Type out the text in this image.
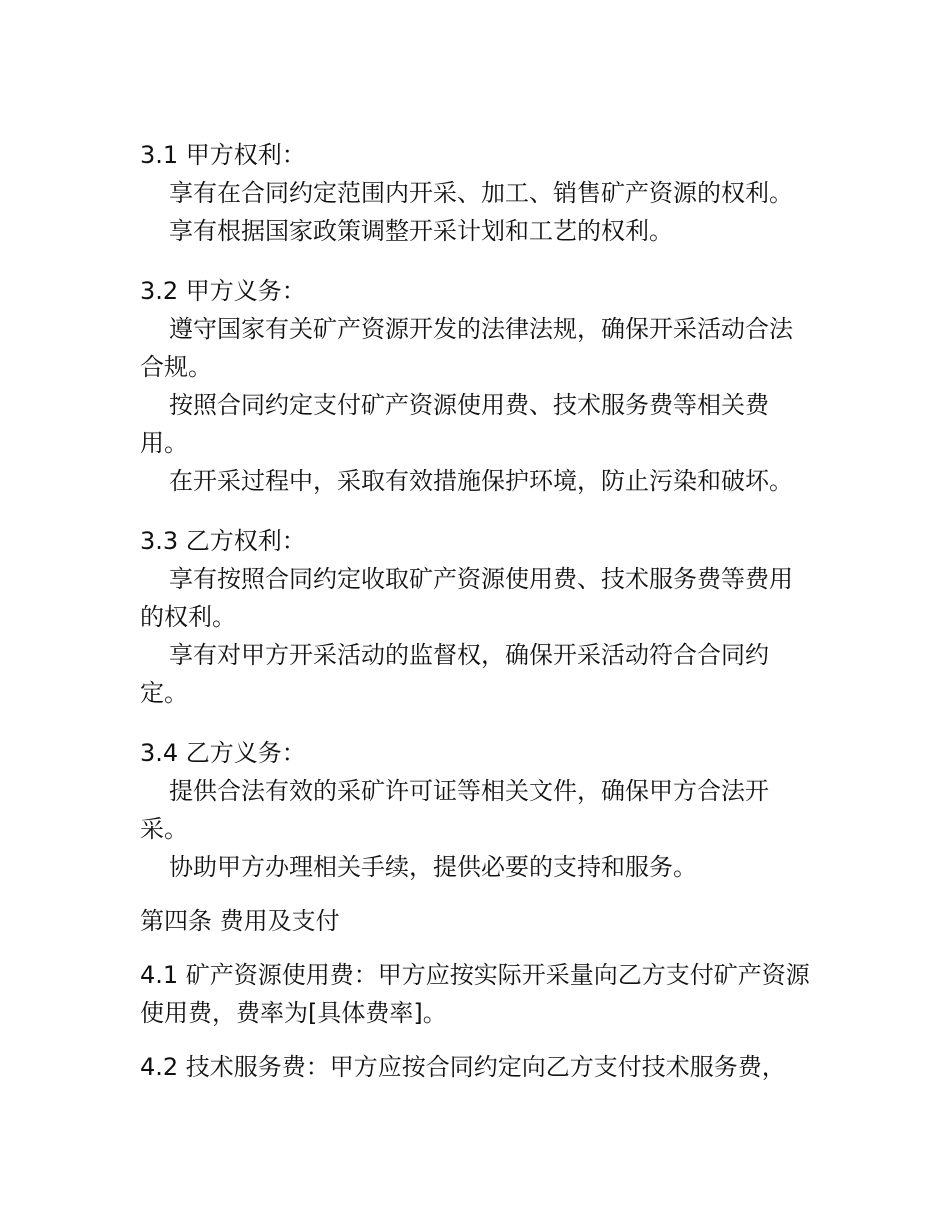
3.1 甲方权利：

享有在合同约定范围内开采、加工、销售矿产资源的权利。

享有根据国家政策调整开采计划和工艺的权利。

3.2 甲方义务：

遵守国家有关矿产资源开发的法律法规，确保开采活动合法合规。

按照合同约定支付矿产资源使用费、技术服务费等相关费用。

在开采过程中，采取有效措施保护环境，防止污染和破坏。

3.3 乙方权利：

享有按照合同约定收取矿产资源使用费、技术服务费等费用的权利。

享有对甲方开采活动的监督权，确保开采活动符合合同约定。

3.4 乙方义务：

提供合法有效的采矿许可证等相关文件，确保甲方合法开采。

协助甲方办理相关手续，提供必要的支持和服务。

第四条 费用及支付

4.1 矿产资源使用费：甲方应按实际开采量向乙方支付矿产资源使用费，费率为[具体费率]。

4.2 技术服务费：甲方应按合同约定向乙方支付技术服务费，
